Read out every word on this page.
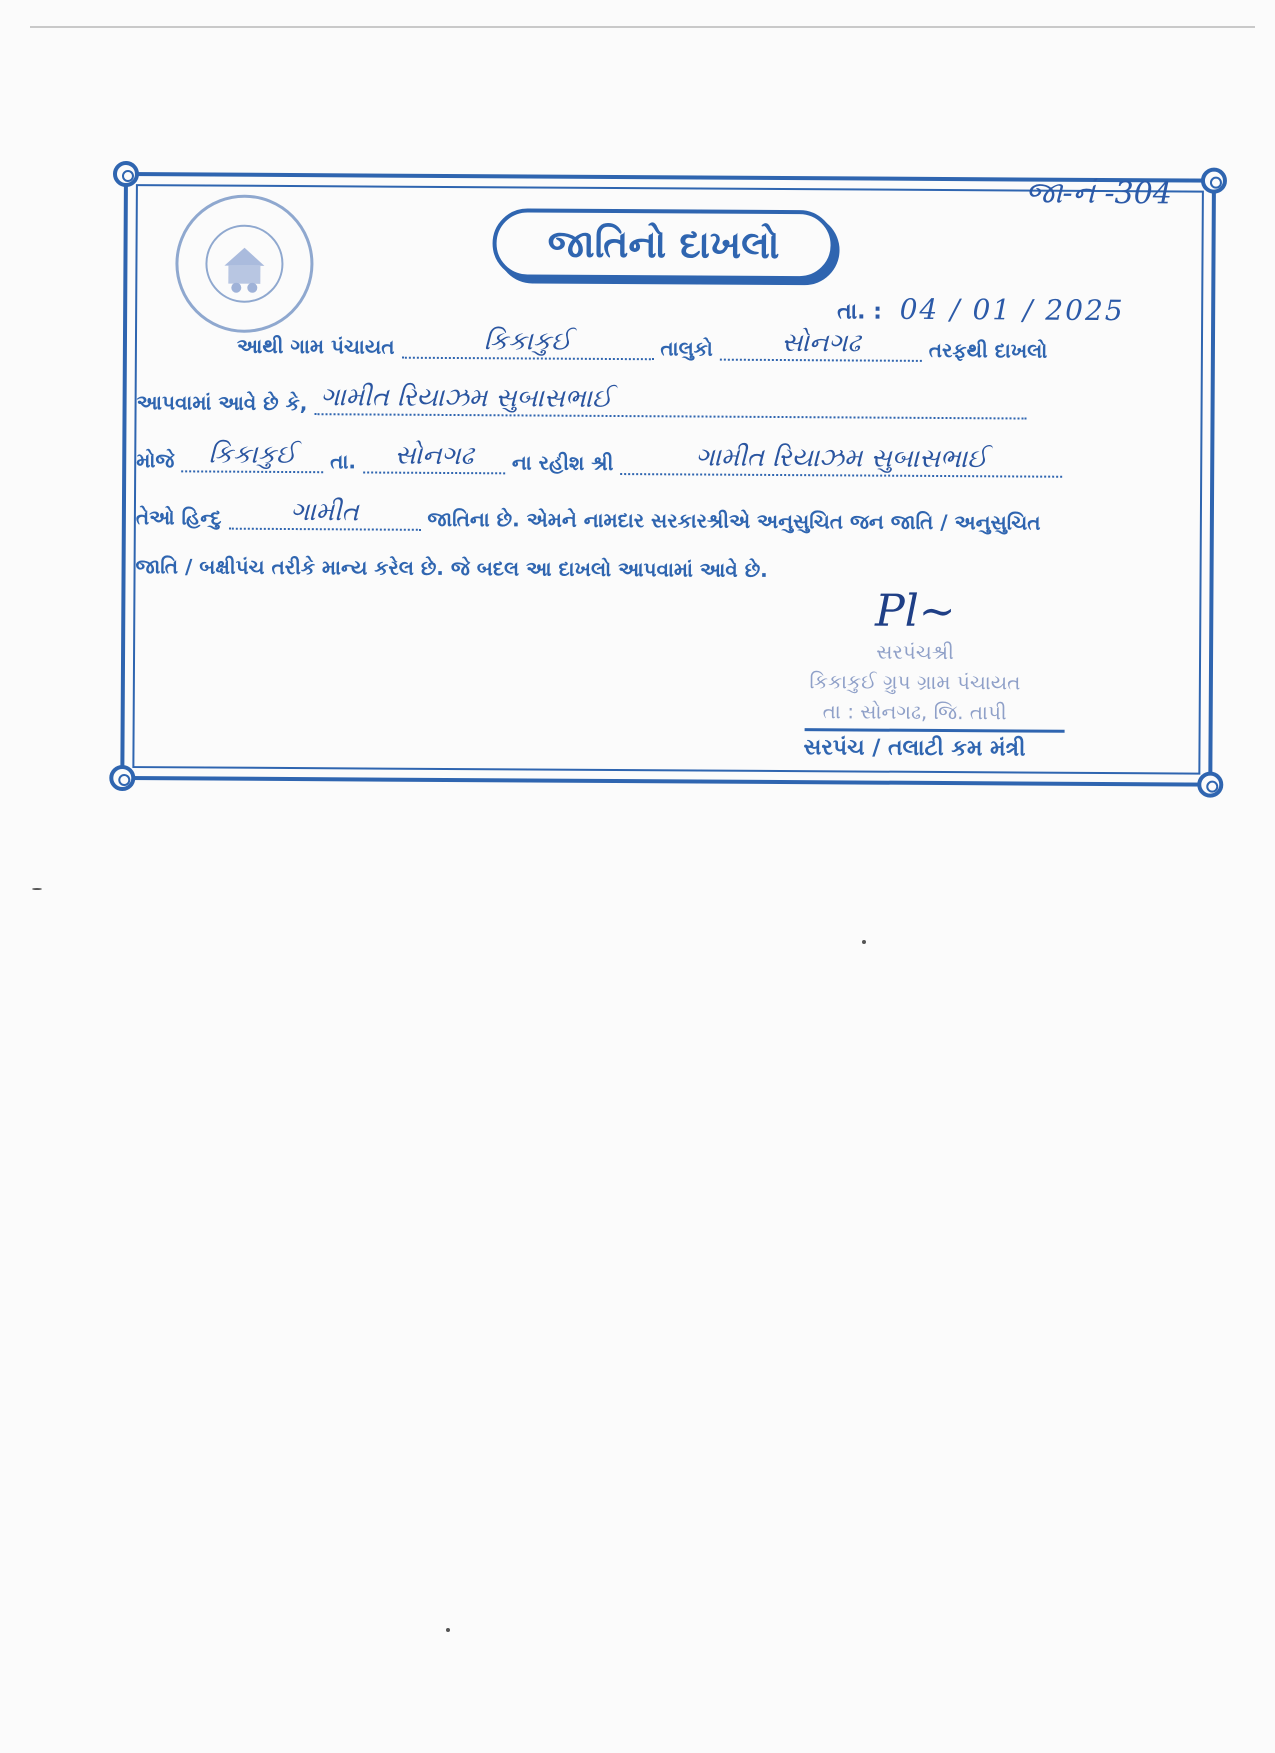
જા-નં -304
જાતિનો દાખલો
તા. : 04 / 01 / 2025
આથી ગામ પંચાયત	કિકાકુઈ	તાલુકો	સોનગઢ	તરફથી દાખલો
આપવામાં આવે છે કે, ગામીત રિયાઝમ સુબાસભાઈ
મોજે કિકાકુઈ તા. સોનગઢ ના રહીશ શ્રી	ગામીત રિયાઝમ સુબાસભાઈ
તેઓ હિન્દુ	ગામીત	જાતિના છે. એમને નામદાર સરકારશ્રીએ અનુસુચિત જન જાતિ / અનુસુચિત
જાતિ / બક્ષીપંચ તરીકે માન્ય કરેલ છે. જે બદલ આ દાખલો આપવામાં આવે છે.
Pl~
સરપંચશ્રી
કિકાકુઈ ગ્રુપ ગ્રામ પંચાયત
તા : સોનગઢ, જિ. તાપી
સરપંચ / તલાટી કમ મંત્રી
